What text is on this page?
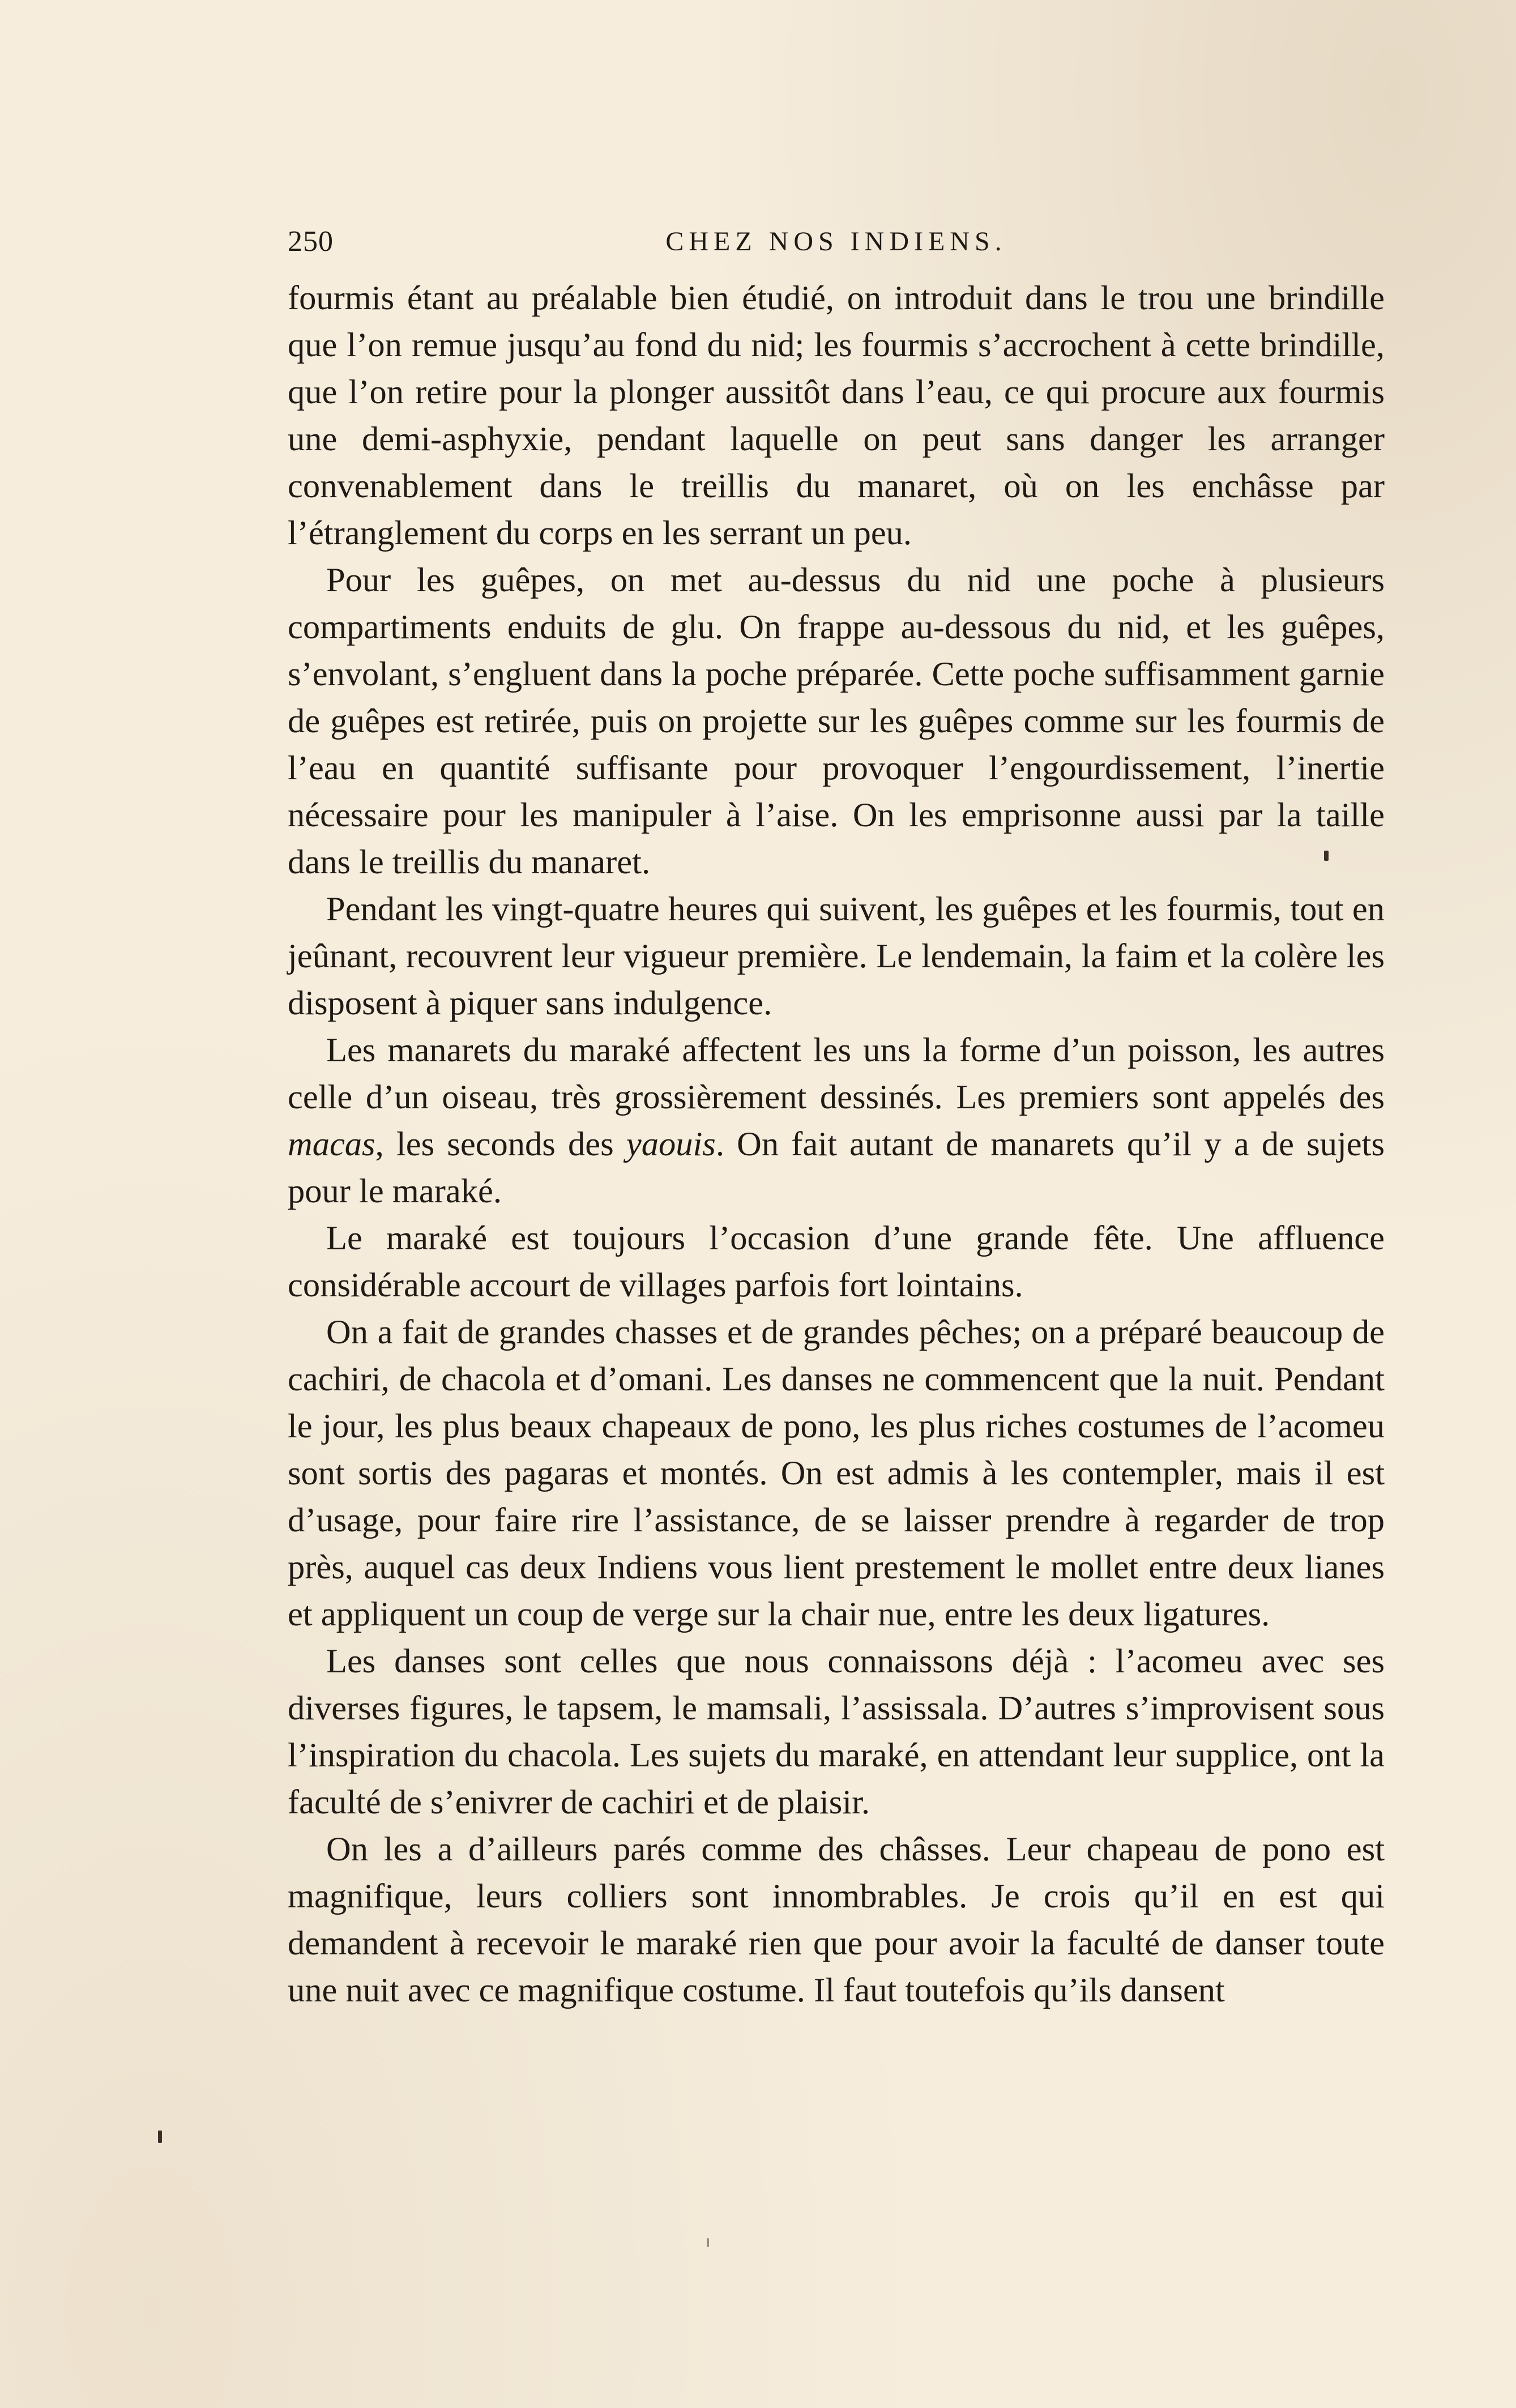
250	CHEZ NOS INDIENS.

fourmis étant au préalable bien étudié, on introduit dans le trou une brindille que l’on remue jusqu’au fond du nid; les fourmis s’accrochent à cette brindille, que l’on retire pour la plonger aussitôt dans l’eau, ce qui procure aux fourmis une demi-asphyxie, pendant laquelle on peut sans danger les arranger convenablement dans le treillis du manaret, où on les enchâsse par l’étranglement du corps en les serrant un peu.

Pour les guêpes, on met au-dessus du nid une poche à plusieurs compartiments enduits de glu. On frappe au-dessous du nid, et les guêpes, s’envolant, s’engluent dans la poche préparée. Cette poche suffisamment garnie de guêpes est retirée, puis on projette sur les guêpes comme sur les fourmis de l’eau en quantité suffisante pour provoquer l’engourdissement, l’inertie nécessaire pour les manipuler à l’aise. On les emprisonne aussi par la taille dans le treillis du manaret.

Pendant les vingt-quatre heures qui suivent, les guêpes et les fourmis, tout en jeûnant, recouvrent leur vigueur première. Le lendemain, la faim et la colère les disposent à piquer sans indulgence.

Les manarets du maraké affectent les uns la forme d’un poisson, les autres celle d’un oiseau, très grossièrement dessinés. Les premiers sont appelés des macas, les seconds des yaouis. On fait autant de manarets qu’il y a de sujets pour le maraké.

Le maraké est toujours l’occasion d’une grande fête. Une affluence considérable accourt de villages parfois fort lointains.

On a fait de grandes chasses et de grandes pêches; on a préparé beaucoup de cachiri, de chacola et d’omani. Les danses ne commencent que la nuit. Pendant le jour, les plus beaux chapeaux de pono, les plus riches costumes de l’acomeu sont sortis des pagaras et montés. On est admis à les contempler, mais il est d’usage, pour faire rire l’assistance, de se laisser prendre à regarder de trop près, auquel cas deux Indiens vous lient prestement le mollet entre deux lianes et appliquent un coup de verge sur la chair nue, entre les deux ligatures.

Les danses sont celles que nous connaissons déjà : l’acomeu avec ses diverses figures, le tapsem, le mamsali, l’assissala. D’autres s’improvisent sous l’inspiration du chacola. Les sujets du maraké, en attendant leur supplice, ont la faculté de s’enivrer de cachiri et de plaisir.

On les a d’ailleurs parés comme des châsses. Leur chapeau de pono est magnifique, leurs colliers sont innombrables. Je crois qu’il en est qui demandent à recevoir le maraké rien que pour avoir la faculté de danser toute une nuit avec ce magnifique costume. Il faut toutefois qu’ils dansent
